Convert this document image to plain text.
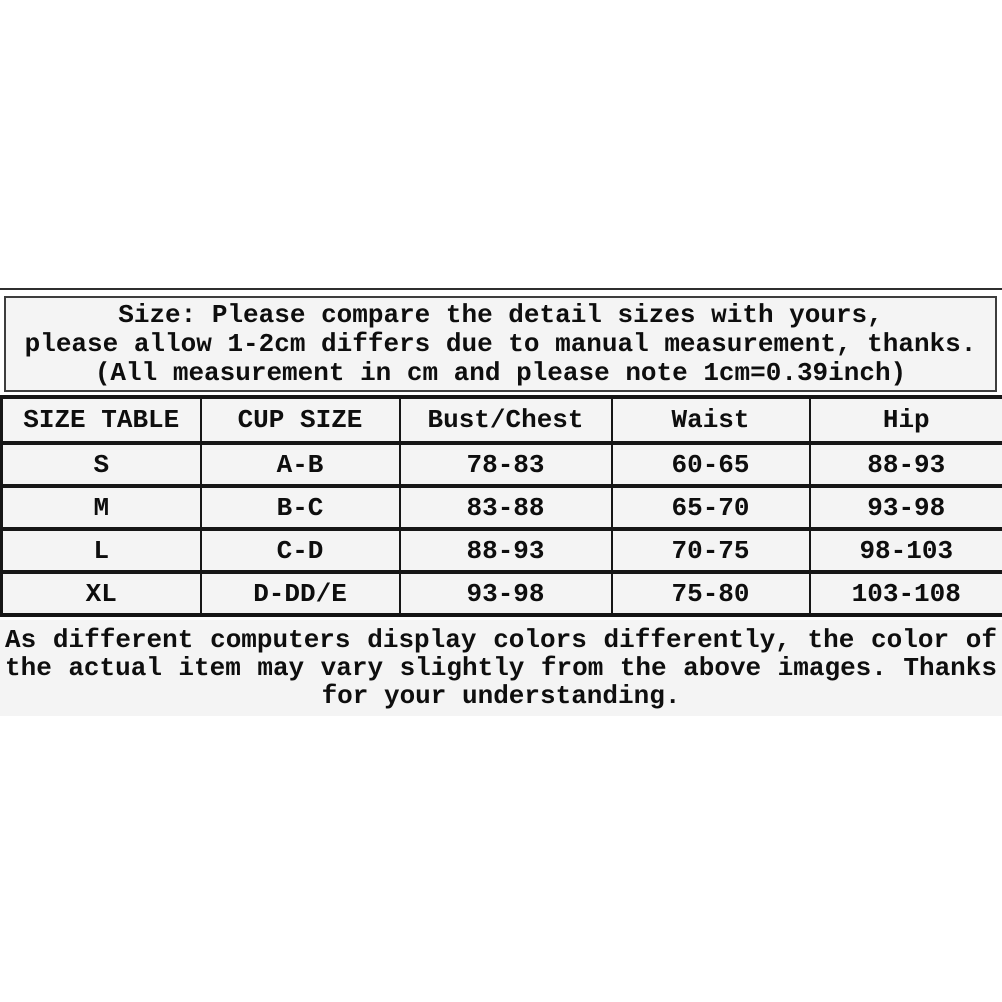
Size: Please compare the detail sizes with yours,
please allow 1-2cm differs due to manual measurement, thanks.
(All measurement in cm and please note 1cm=0.39inch)
SIZE TABLE	CUP SIZE	Bust/Chest	Waist	Hip
S	A-B	78-83	60-65	88-93
M	B-C	83-88	65-70	93-98
L	C-D	88-93	70-75	98-103
XL	D-DD/E	93-98	75-80	103-108
As different computers display colors differently, the color of
the actual item may vary slightly from the above images. Thanks
for your understanding.
